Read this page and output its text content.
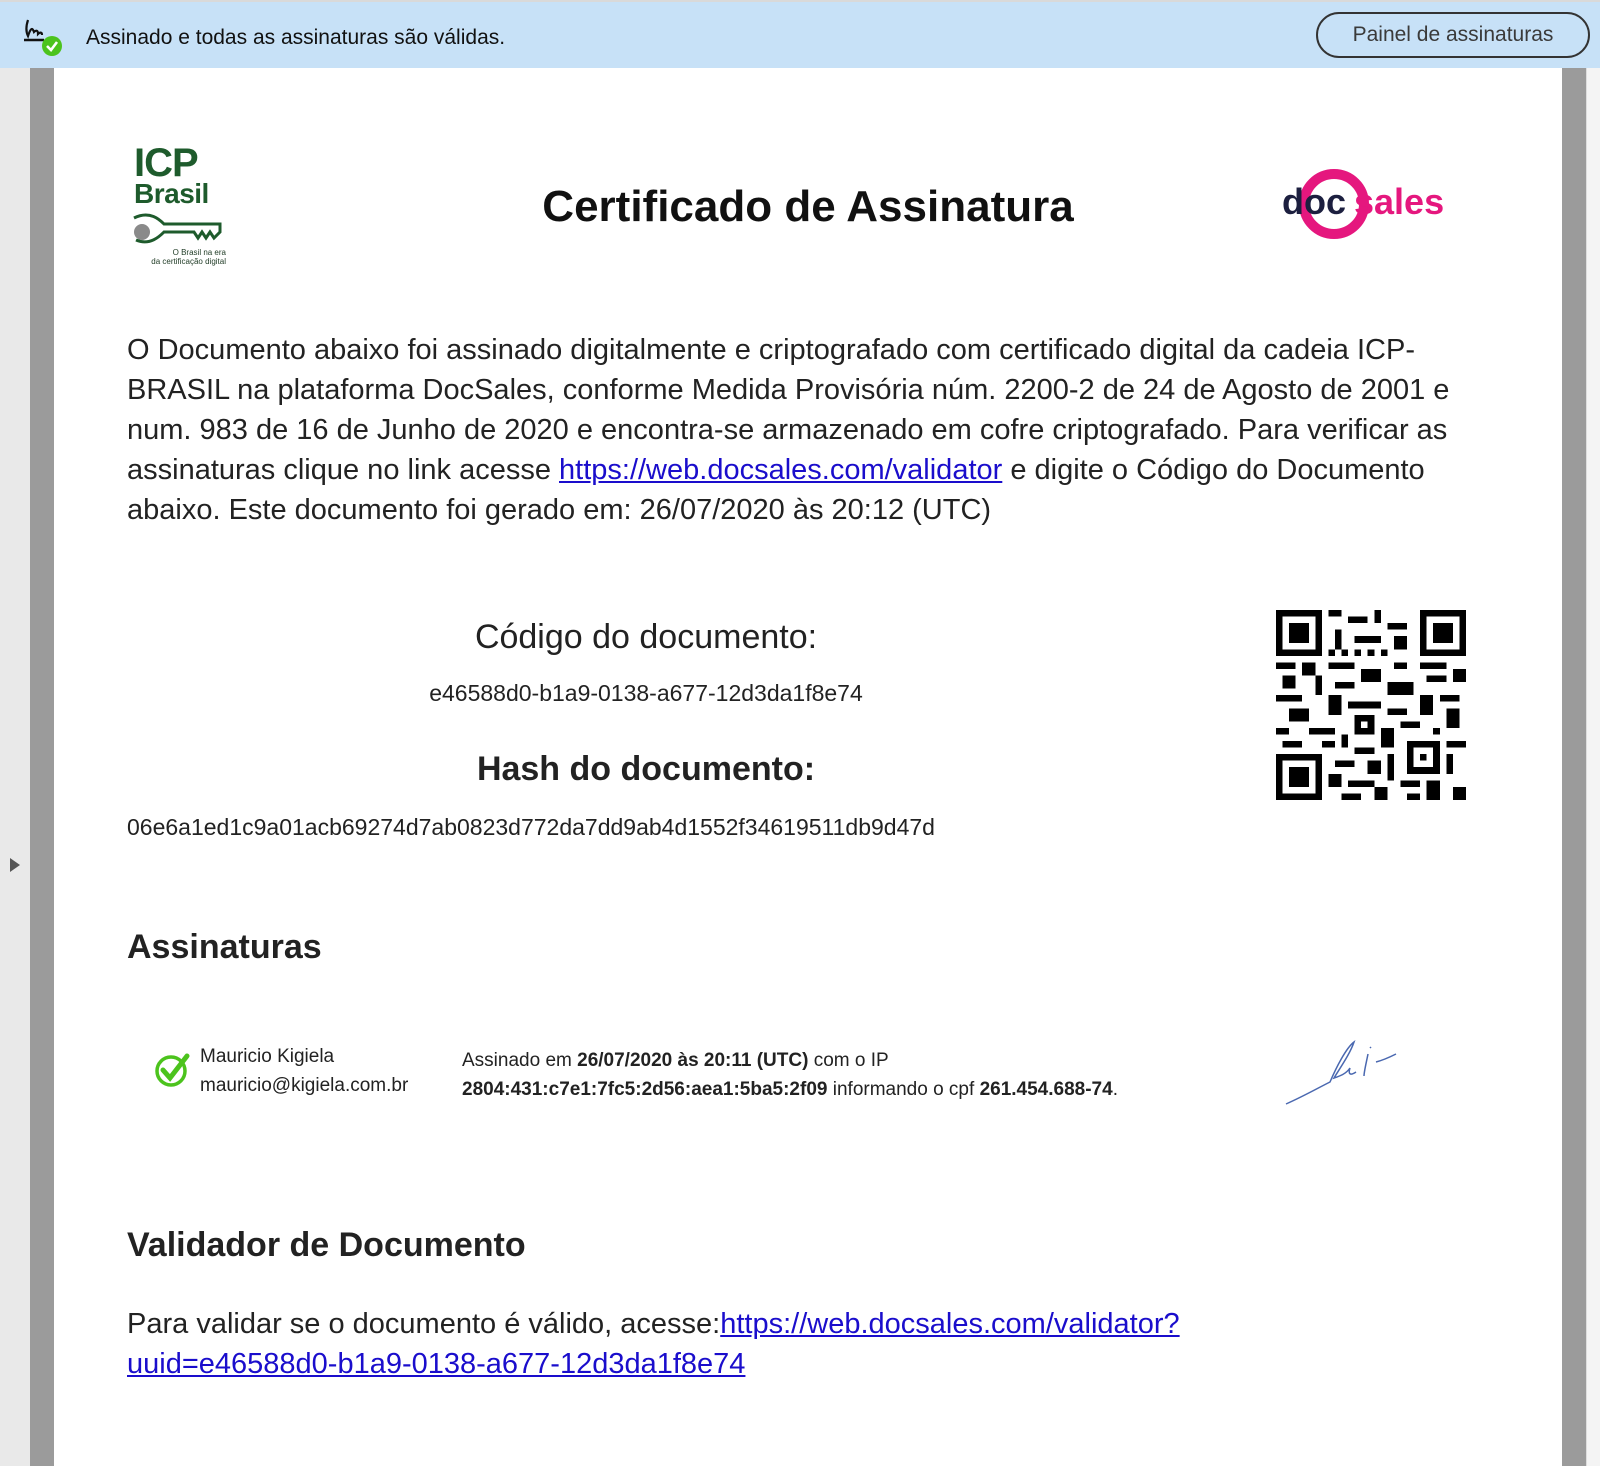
Assinado e todas as assinaturas são válidas.	Painel de assinaturas
ICP
Brasil
O Brasil na era
da certificação digital
Certificado de Assinatura	doc sales
O Documento abaixo foi assinado digitalmente e criptografado com certificado digital da cadeia ICP-BRASIL na plataforma DocSales, conforme Medida Provisória núm. 2200-2 de 24 de Agosto de 2001 e num. 983 de 16 de Junho de 2020 e encontra-se armazenado em cofre criptografado. Para verificar as assinaturas clique no link acesse https://web.docsales.com/validator e digite o Código do Documento abaixo. Este documento foi gerado em: 26/07/2020 às 20:12 (UTC)
Código do documento:
e46588d0-b1a9-0138-a677-12d3da1f8e74
Hash do documento:
06e6a1ed1c9a01acb69274d7ab0823d772da7dd9ab4d1552f34619511db9d47d
Assinaturas
Mauricio Kigiela
mauricio@kigiela.com.br
Assinado em 26/07/2020 às 20:11 (UTC) com o IP
2804:431:c7e1:7fc5:2d56:aea1:5ba5:2f09 informando o cpf 261.454.688-74.
Validador de Documento
Para validar se o documento é válido, acesse:https://web.docsales.com/validator?
uuid=e46588d0-b1a9-0138-a677-12d3da1f8e74
